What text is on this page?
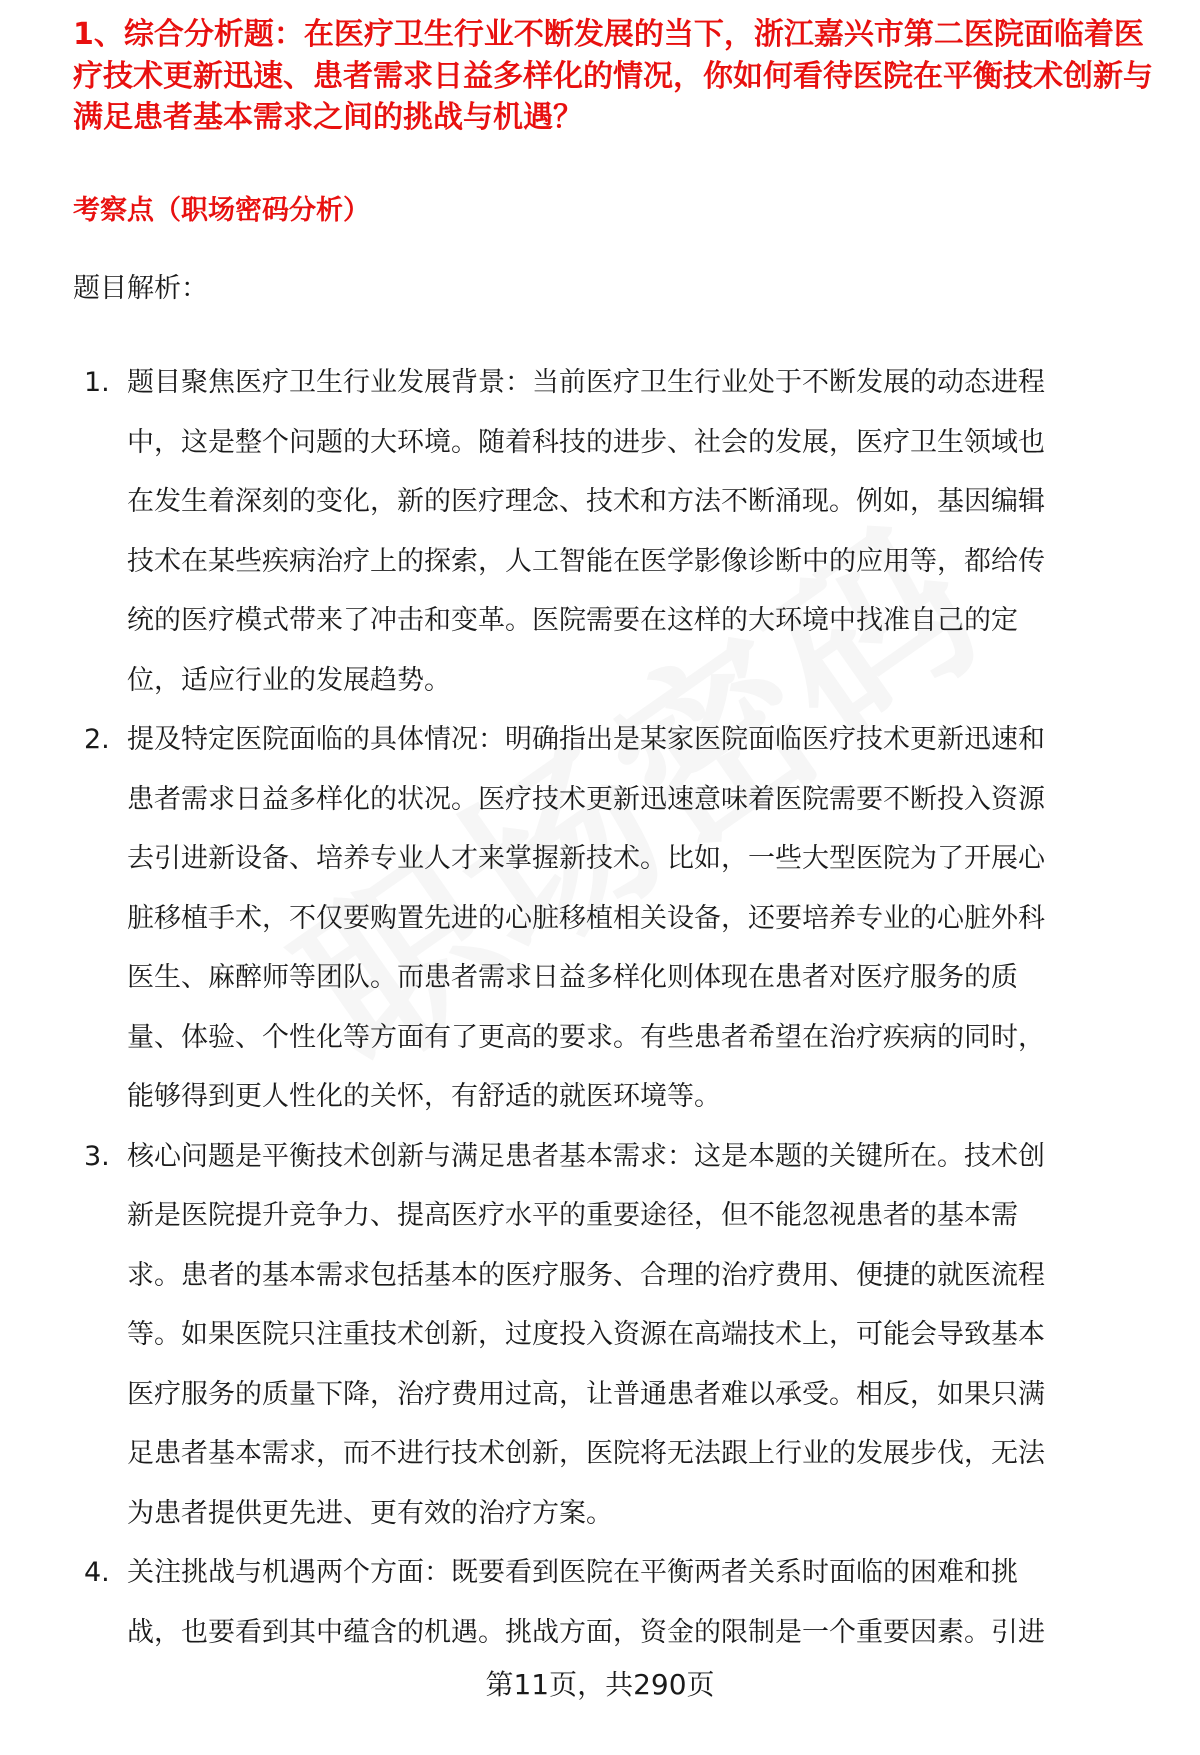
1、综合分析题：在医疗卫生行业不断发展的当下，浙江嘉兴市第二医院面临着医
疗技术更新迅速、患者需求日益多样化的情况，你如何看待医院在平衡技术创新与
满足患者基本需求之间的挑战与机遇？
考察点（职场密码分析）
题目解析：
1. 题目聚焦医疗卫生行业发展背景：当前医疗卫生行业处于不断发展的动态进程
中，这是整个问题的大环境。随着科技的进步、社会的发展，医疗卫生领域也
在发生着深刻的变化，新的医疗理念、技术和方法不断涌现。例如，基因编辑
技术在某些疾病治疗上的探索，人工智能在医学影像诊断中的应用等，都给传
统的医疗模式带来了冲击和变革。医院需要在这样的大环境中找准自己的定
位，适应行业的发展趋势。
2. 提及特定医院面临的具体情况：明确指出是某家医院面临医疗技术更新迅速和
患者需求日益多样化的状况。医疗技术更新迅速意味着医院需要不断投入资源
去引进新设备、培养专业人才来掌握新技术。比如，一些大型医院为了开展心
脏移植手术，不仅要购置先进的心脏移植相关设备，还要培养专业的心脏外科
医生、麻醉师等团队。而患者需求日益多样化则体现在患者对医疗服务的质
量、体验、个性化等方面有了更高的要求。有些患者希望在治疗疾病的同时，
能够得到更人性化的关怀，有舒适的就医环境等。
3. 核心问题是平衡技术创新与满足患者基本需求：这是本题的关键所在。技术创
新是医院提升竞争力、提高医疗水平的重要途径，但不能忽视患者的基本需
求。患者的基本需求包括基本的医疗服务、合理的治疗费用、便捷的就医流程
等。如果医院只注重技术创新，过度投入资源在高端技术上，可能会导致基本
医疗服务的质量下降，治疗费用过高，让普通患者难以承受。相反，如果只满
足患者基本需求，而不进行技术创新，医院将无法跟上行业的发展步伐，无法
为患者提供更先进、更有效的治疗方案。
4. 关注挑战与机遇两个方面：既要看到医院在平衡两者关系时面临的困难和挑
战，也要看到其中蕴含的机遇。挑战方面，资金的限制是一个重要因素。引进
第11页，共290页
